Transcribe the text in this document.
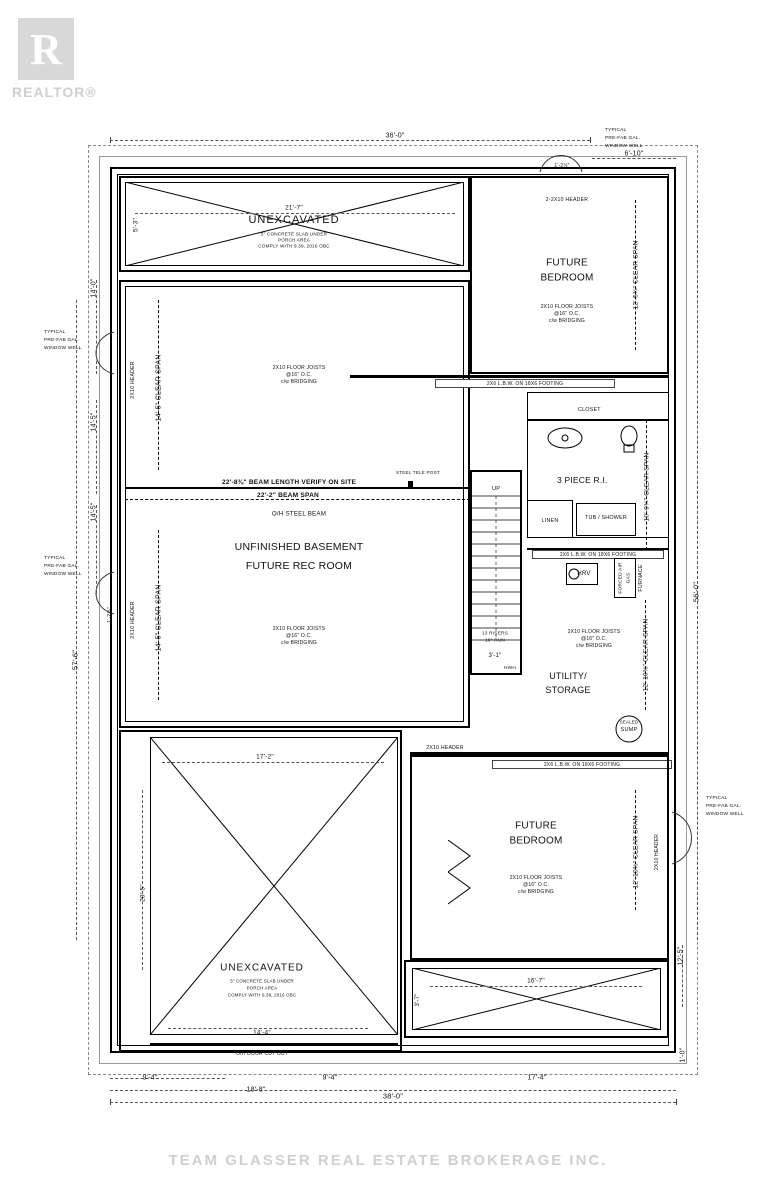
R
REALTOR®
UNEXCAVATED
5" CONCRETE SLAB UNDER
PORCH AREA
COMPLY WITH 9.39, 2016 OBC
21'-7"
5'-3"
UNFINISHED BASEMENT
FUTURE REC ROOM
2X10 FLOOR JOISTS
@16" O.C.
c/w BRIDGING
2X10 FLOOR JOISTS
@16" O.C.
c/w BRIDGING
22'-8⅜" BEAM LENGTH VERIFY ON SITE
22'-2" BEAM SPAN
O/H STEEL BEAM
STEEL TELE POST
14'-5" CLEAR SPAN
14'-5" CLEAR SPAN
2X10 HEADER
2X10 HEADER
TYPICAL
PRE-FAB GAL.
WINDOW WELL
TYPICAL
PRE-FAB GAL.
WINDOW WELL
FUTURE
BEDROOM
2X10 FLOOR JOISTS
@16" O.C.
c/w BRIDGING
2-2X10 HEADER
12'-5¾" CLEAR SPAN
TYPICAL
PRE-FAB GAL.
WINDOW WELL
2X6 L.B.W. ON 18X6 FOOTING
CLOSET
3 PIECE R.I.
LINEN	TUB / SHOWER	10'-9¾" CLEAR SPAN
UP
13 RISERS
10" RUN
3'-1"
HWH
2X6 L.B.W. ON 18X6 FOOTING
HRV	FORCED AIR GAS FURNACE
2X10 FLOOR JOISTS
@16" O.C.
c/w BRIDGING
UTILITY/
STORAGE
SEALED
SUMP
12'-10⅜" CLEAR SPAN
2X10 HEADER
2X6 L.B.W. ON 18X6 FOOTING
UNEXCAVATED
5" CONCRETE SLAB UNDER
PORCH AREA
COMPLY WITH 9.39, 2016 OBC
17'-2"
14'-4"
20'-5"
O/H DOOR CUT OUT
FUTURE
BEDROOM
2X10 FLOOR JOISTS
@16" O.C.
c/w BRIDGING
12'-10⅜" CLEAR SPAN	2X10 HEADER
TYPICAL
PRE-FAB GAL.
WINDOW WELL
16'-7"
3'-7"
36'-0"
6'-10"
1'-2½"
14'-0"
14'-5"
14'-5"
57'-6"
1'-2½"
56'-0"
12'-5"
1'-0"
9'-4"	9'-4"	17'-4"
18'-8"
38'-0"
TEAM GLASSER REAL ESTATE BROKERAGE INC.
